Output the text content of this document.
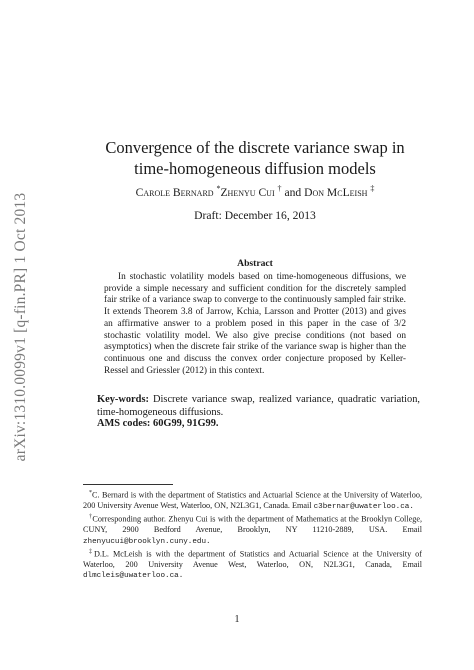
arXiv:1310.0099v1 [q-fin.PR] 1 Oct 2013
Convergence of the discrete variance swap in
time-homogeneous diffusion models
Carole Bernard *Zhenyu Cui † and Don McLeish ‡
Draft: December 16, 2013
Abstract
In stochastic volatility models based on time-homogeneous diffusions, we provide a simple necessary and sufficient condition for the discretely sampled fair strike of a variance swap to converge to the continuously sampled fair strike. It extends Theorem 3.8 of Jarrow, Kchia, Larsson and Protter (2013) and gives an affirmative answer to a problem posed in this paper in the case of 3/2 stochastic volatility model. We also give precise conditions (not based on asymptotics) when the discrete fair strike of the variance swap is higher than the continuous one and discuss the convex order conjecture proposed by Keller-Ressel and Griessler (2012) in this context.
Key-words: Discrete variance swap, realized variance, quadratic variation, time-homogeneous diffusions.
AMS codes: 60G99, 91G99.

*C. Bernard is with the department of Statistics and Actuarial Science at the University of Waterloo, 200 University Avenue West, Waterloo, ON, N2L3G1, Canada. Email c3bernar@uwaterloo.ca.

†Corresponding author. Zhenyu Cui is with the department of Mathematics at the Brooklyn College, CUNY, 2900 Bedford Avenue, Brooklyn, NY 11210-2889, USA. Email zhenyucui@brooklyn.cuny.edu.

‡D.L. McLeish is with the department of Statistics and Actuarial Science at the University of Waterloo, 200 University Avenue West, Waterloo, ON, N2L3G1, Canada, Email dlmcleis@uwaterloo.ca.

1
